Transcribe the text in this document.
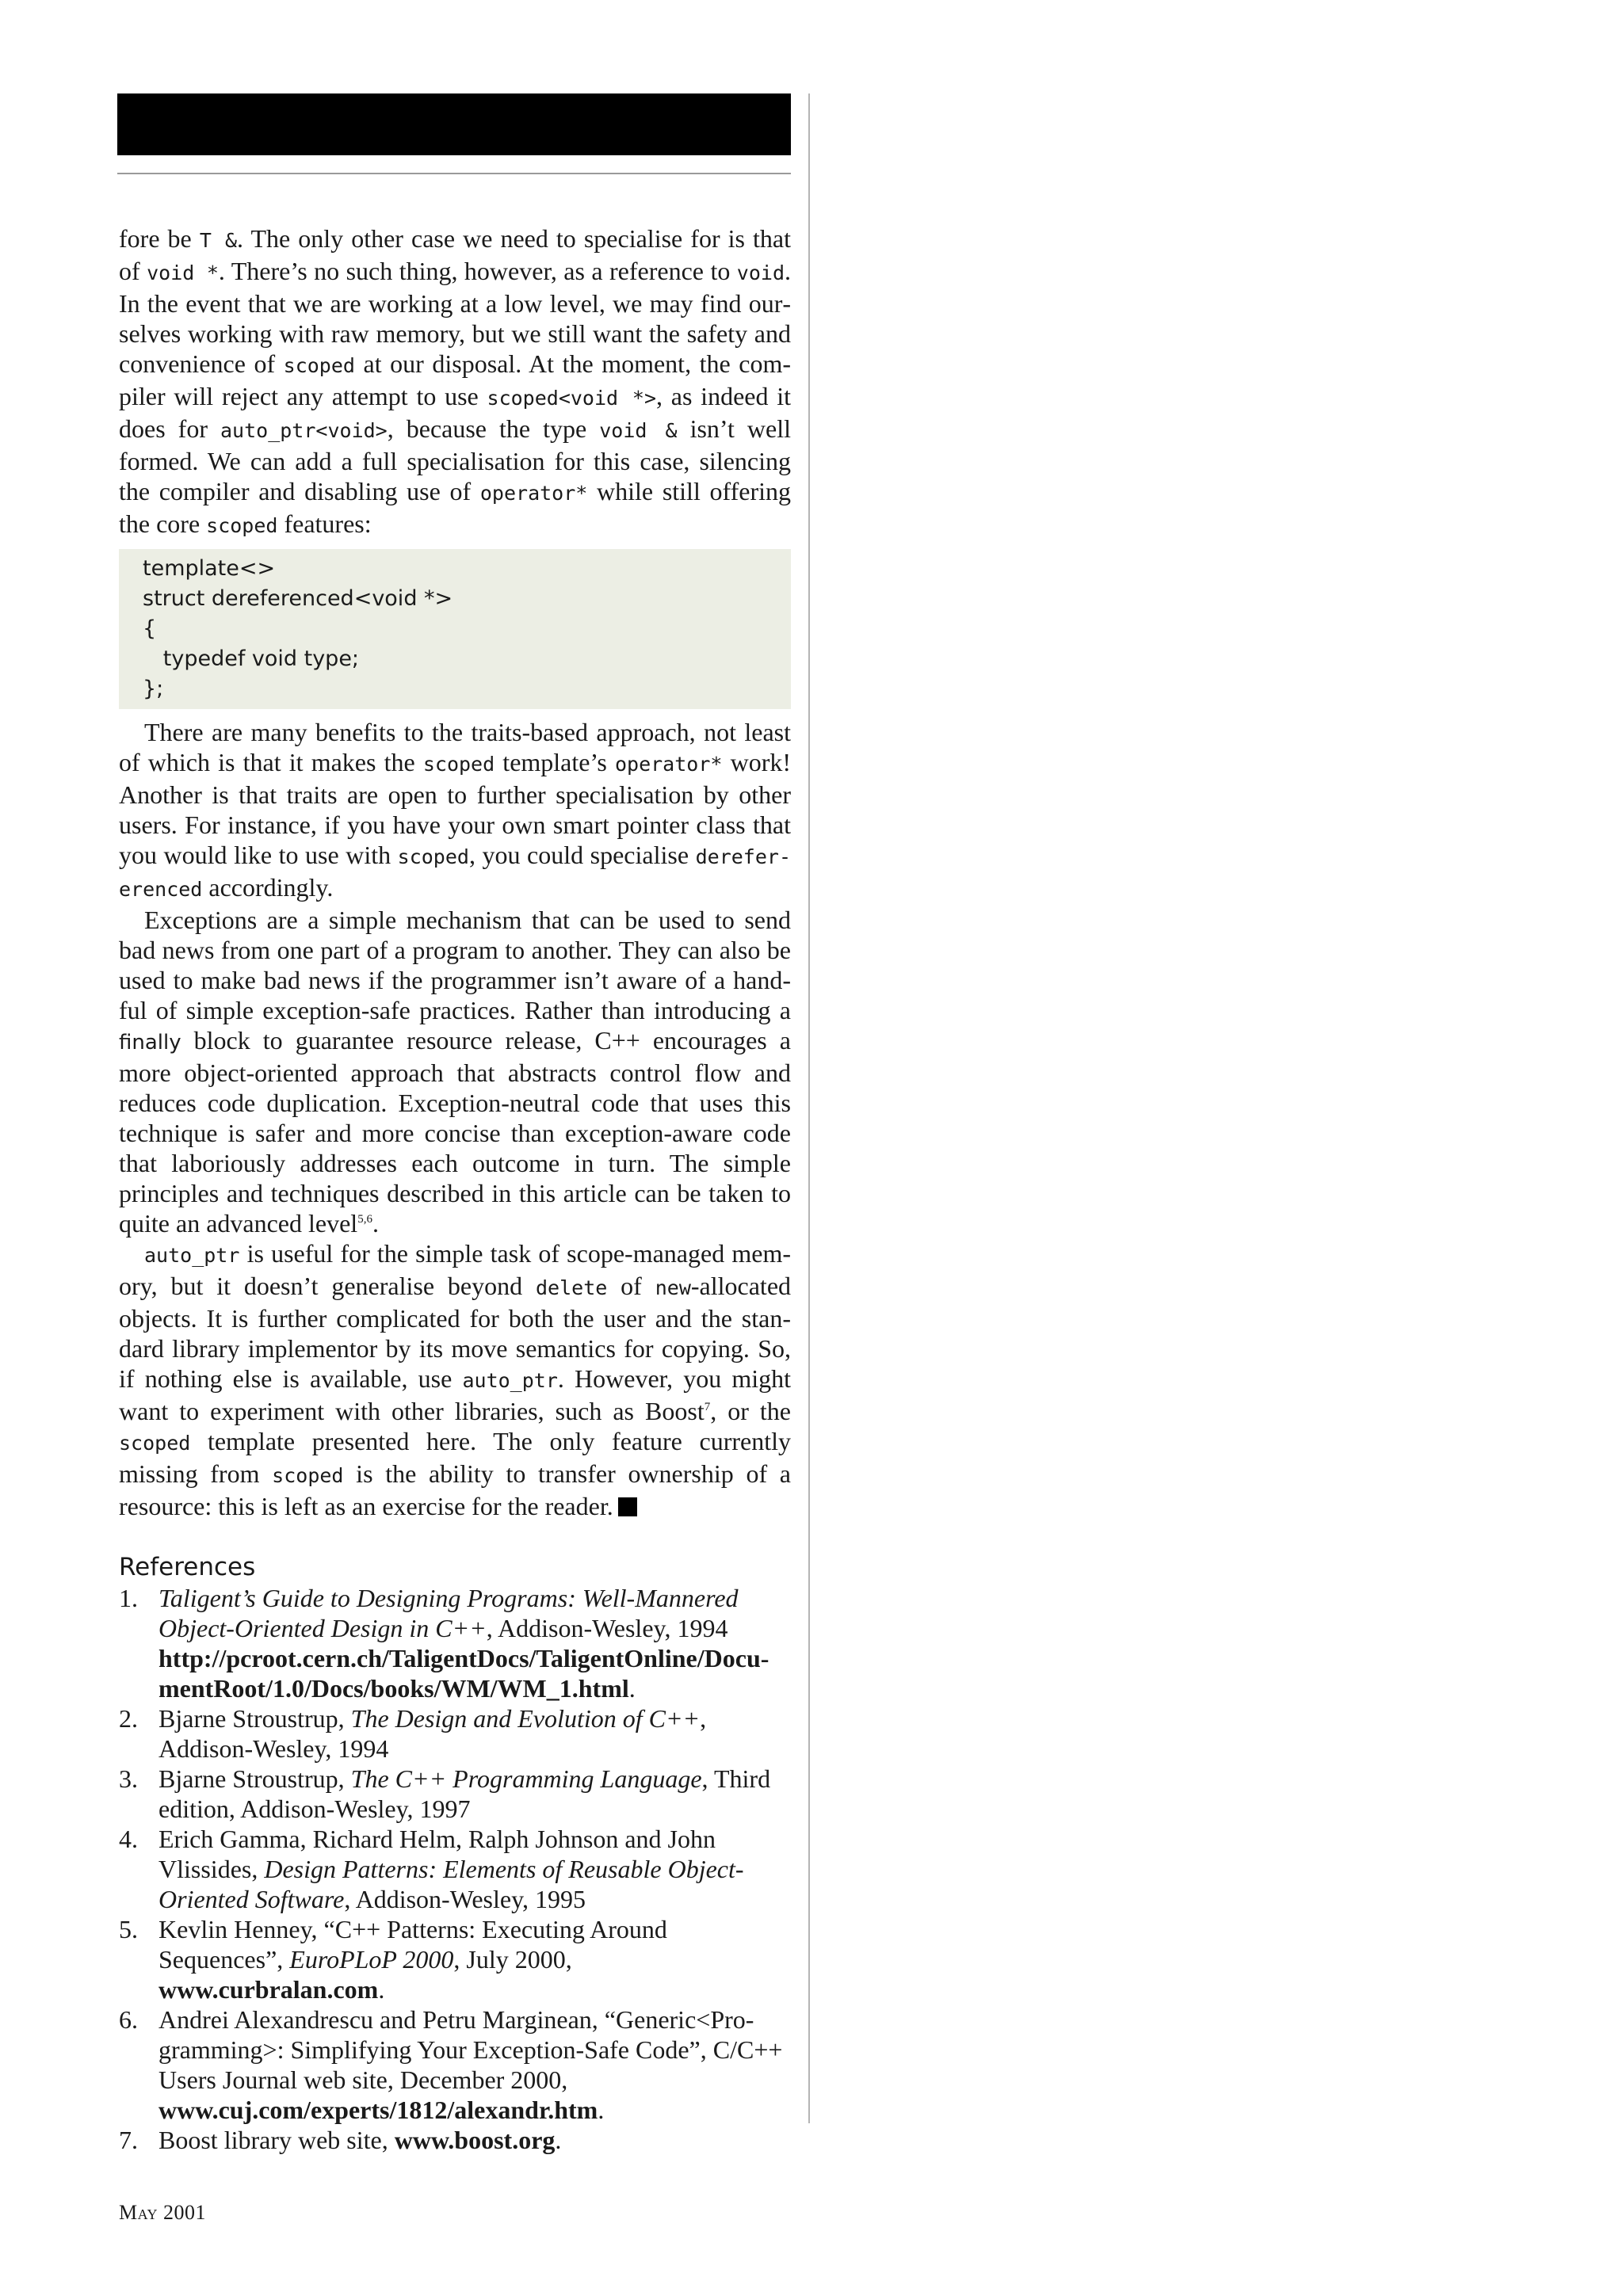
fore be T &. The only other case we need to specialise for is that of void *. There’s no such thing, however, as a reference to void. In the event that we are working at a low level, we may find ourselves working with raw memory, but we still want the safety and convenience of scoped at our disposal. At the moment, the compiler will reject any attempt to use scoped<void *>, as indeed it does for auto_ptr<void>, because the type void & isn’t well formed. We can add a full specialisation for this case, silencing the compiler and disabling use of operator* while still offering the core scoped features:

template<>
struct dereferenced<void *>
{
typedef void type;
};

There are many benefits to the traits-based approach, not least of which is that it makes the scoped template’s operator* work! Another is that traits are open to further specialisation by other users. For instance, if you have your own smart pointer class that you would like to use with scoped, you could specialise derefererenced accordingly.

Exceptions are a simple mechanism that can be used to send bad news from one part of a program to another. They can also be used to make bad news if the programmer isn’t aware of a handful of simple exception-safe practices. Rather than introducing a finally block to guarantee resource release, C++ encourages a more object-oriented approach that abstracts control flow and reduces code duplication. Exception-neutral code that uses this technique is safer and more concise than exception-aware code that laboriously addresses each outcome in turn. The simple principles and techniques described in this article can be taken to quite an advanced level$^{5,6}$.

auto_ptr is useful for the simple task of scope-managed memory, but it doesn’t generalise beyond delete of new-allocated objects. It is further complicated for both the user and the standard library implementor by its move semantics for copying. So, if nothing else is available, use auto_ptr. However, you might want to experiment with other libraries, such as Boost$^7$, or the scoped template presented here. The only feature currently missing from scoped is the ability to transfer ownership of a resource: this is left as an exercise for the reader.

References
1. Taligent’s Guide to Designing Programs: Well-Mannered Object-Oriented Design in C++, Addison-Wesley, 1994 http://pcroot.cern.ch/TaligentDocs/TaligentOnline/DocumentRoot/1.0/Docs/books/WM/WM_1.html.
2. Bjarne Stroustrup, The Design and Evolution of C++, Addison-Wesley, 1994
3. Bjarne Stroustrup, The C++ Programming Language, Third edition, Addison-Wesley, 1997
4. Erich Gamma, Richard Helm, Ralph Johnson and John Vlissides, Design Patterns: Elements of Reusable Object-Oriented Software, Addison-Wesley, 1995
5. Kevlin Henney, “C++ Patterns: Executing Around Sequences”, EuroPLoP 2000, July 2000, www.curbralan.com.
6. Andrei Alexandrescu and Petru Marginean, “Generic<Programming>: Simplifying Your Exception-Safe Code”, C/C++ Users Journal web site, December 2000, www.cuj.com/experts/1812/alexandr.htm.
7. Boost library web site, www.boost.org.
May 2001
